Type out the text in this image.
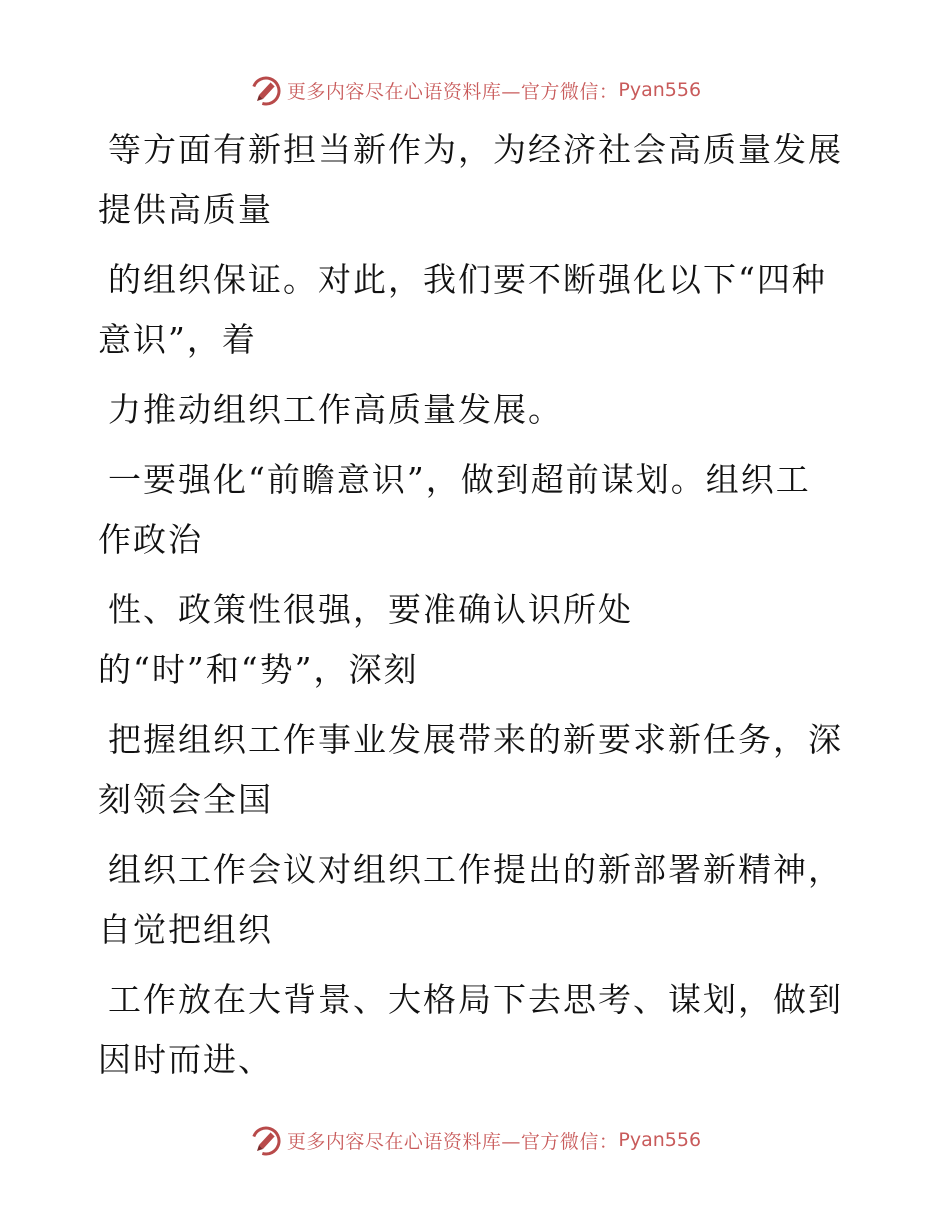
更多内容尽在心语资料库—官方微信： Pyan556
等方面有新担当新作为，为经济社会高质量发展
提供高质量
的组织保证。对此，我们要不断强化以下“四种
意识”，着
力推动组织工作高质量发展。
一要强化“前瞻意识”，做到超前谋划。组织工
作政治
性、政策性很强，要准确认识所处
的“时”和“势”，深刻
把握组织工作事业发展带来的新要求新任务，深
刻领会全国
组织工作会议对组织工作提出的新部署新精神，
自觉把组织
工作放在大背景、大格局下去思考、谋划，做到
因时而进、
更多内容尽在心语资料库—官方微信： Pyan556
